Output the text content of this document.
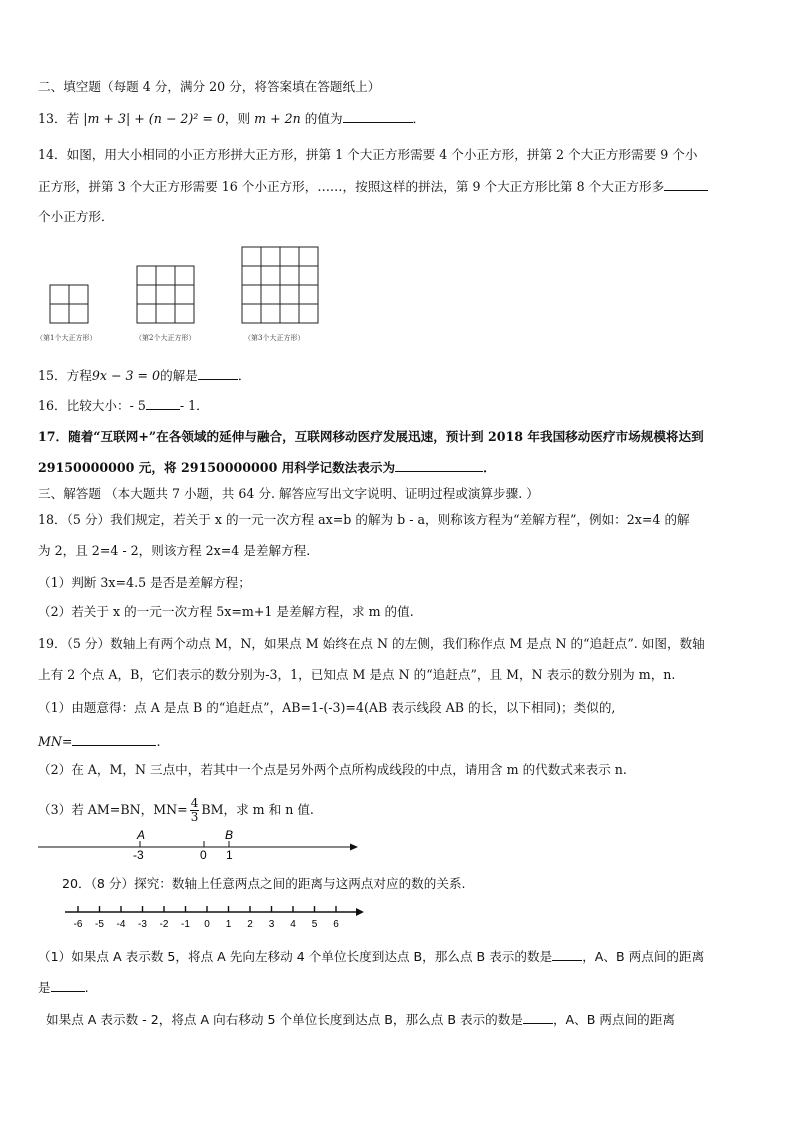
二、填空题（每题 4 分，满分 20 分，将答案填在答题纸上）
13．若 |m + 3| + (n − 2)² = 0，则 m + 2n 的值为	．
14．如图，用大小相同的小正方形拼大正方形，拼第 1 个大正方形需要 4 个小正方形，拼第 2 个大正方形需要 9 个小
正方形，拼第 3 个大正方形需要 16 个小正方形，……，按照这样的拼法，第 9 个大正方形比第 8 个大正方形多
个小正方形．
（第1个大正方形）	（第2个大正方形）	（第3个大正方形）
15．方程9x − 3 = 0的解是	．
16．比较大小：- 5	- 1．
17．随着“互联网+”在各领域的延伸与融合，互联网移动医疗发展迅速，预计到 2018 年我国移动医疗市场规模将达到
29150000000 元，将 29150000000 用科学记数法表示为	．
三、解答题 （本大题共 7 小题，共 64 分. 解答应写出文字说明、证明过程或演算步骤. ）
18．（5 分）我们规定，若关于 x 的一元一次方程 ax=b 的解为 b - a，则称该方程为“差解方程”，例如：2x=4 的解
为 2，且 2=4 - 2，则该方程 2x=4 是差解方程.
（1）判断 3x=4.5 是否是差解方程；
（2）若关于 x 的一元一次方程 5x=m+1 是差解方程，求 m 的值.
19．（5 分）数轴上有两个动点 M，N，如果点 M 始终在点 N 的左侧，我们称作点 M 是点 N 的“追赶点”. 如图，数轴
上有 2 个点 A，B，它们表示的数分别为-3，1，已知点 M 是点 N 的“追赶点”，且 M，N 表示的数分别为 m，n.
（1）由题意得：点 A 是点 B 的“追赶点”，AB=1-(-3)=4(AB 表示线段 AB 的长，以下相同)；类似的,
MN=	.
（2）在 A，M，N 三点中，若其中一个点是另外两个点所构成线段的中点，请用含 m 的代数式来表示 n.
（3）若 AM=BN，$MN= \frac{4}{3}$ BM，求 m 和 n 值.
A	B
-3	0 1
20．（8 分）探究：数轴上任意两点之间的距离与这两点对应的数的关系.
-6 -5 -4 -3 -2 -1 0 1 2 3 4 5 6
（1）如果点 A 表示数 5，将点 A 先向左移动 4 个单位长度到达点 B，那么点 B 表示的数是 ，A、B 两点间的距离
是	.
如果点 A 表示数 - 2，将点 A 向右移动 5 个单位长度到达点 B，那么点 B 表示的数是 ，A、B 两点间的距离
